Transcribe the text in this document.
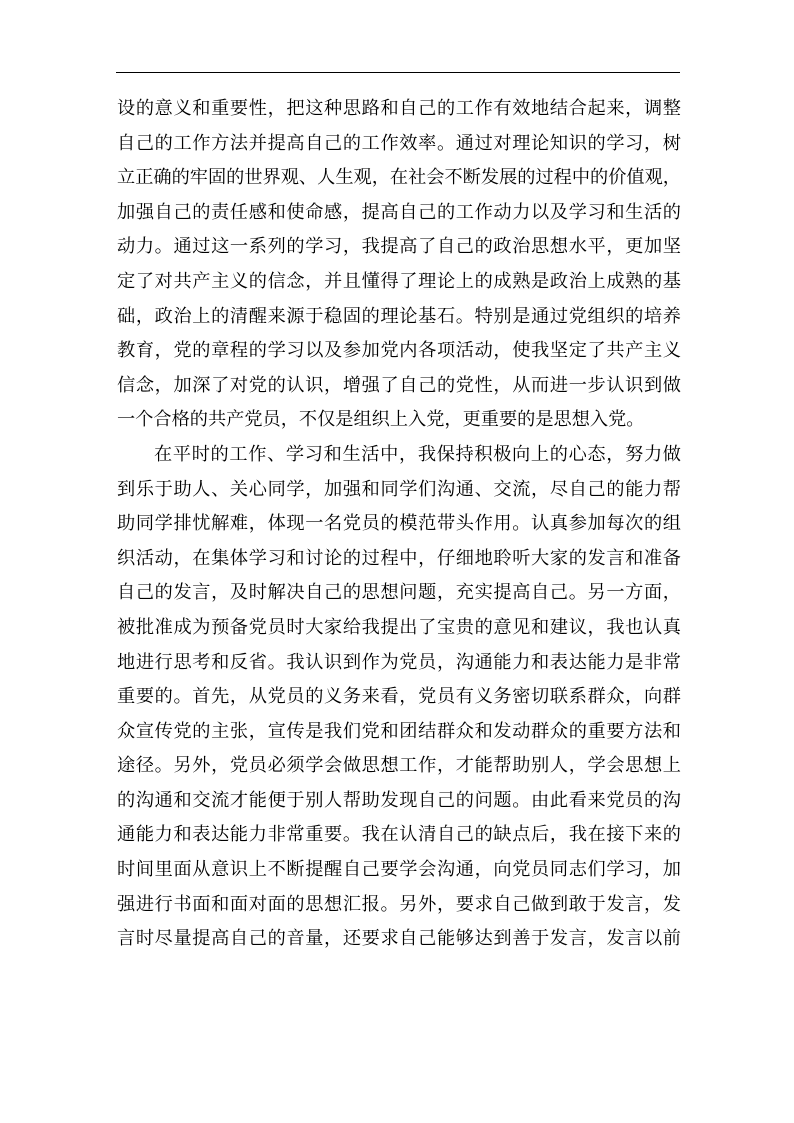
设的意义和重要性，把这种思路和自己的工作有效地结合起来，调整
自己的工作方法并提高自己的工作效率。通过对理论知识的学习，树
立正确的牢固的世界观、人生观，在社会不断发展的过程中的价值观，
加强自己的责任感和使命感，提高自己的工作动力以及学习和生活的
动力。通过这一系列的学习，我提高了自己的政治思想水平，更加坚
定了对共产主义的信念，并且懂得了理论上的成熟是政治上成熟的基
础，政治上的清醒来源于稳固的理论基石。特别是通过党组织的培养
教育，党的章程的学习以及参加党内各项活动，使我坚定了共产主义
信念，加深了对党的认识，增强了自己的党性，从而进一步认识到做
一个合格的共产党员，不仅是组织上入党，更重要的是思想入党。
在平时的工作、学习和生活中，我保持积极向上的心态，努力做
到乐于助人、关心同学，加强和同学们沟通、交流，尽自己的能力帮
助同学排忧解难，体现一名党员的模范带头作用。认真参加每次的组
织活动，在集体学习和讨论的过程中，仔细地聆听大家的发言和准备
自己的发言，及时解决自己的思想问题，充实提高自己。另一方面，
被批准成为预备党员时大家给我提出了宝贵的意见和建议，我也认真
地进行思考和反省。我认识到作为党员，沟通能力和表达能力是非常
重要的。首先，从党员的义务来看，党员有义务密切联系群众，向群
众宣传党的主张，宣传是我们党和团结群众和发动群众的重要方法和
途径。另外，党员必须学会做思想工作，才能帮助别人，学会思想上
的沟通和交流才能便于别人帮助发现自己的问题。由此看来党员的沟
通能力和表达能力非常重要。我在认清自己的缺点后，我在接下来的
时间里面从意识上不断提醒自己要学会沟通，向党员同志们学习，加
强进行书面和面对面的思想汇报。另外，要求自己做到敢于发言，发
言时尽量提高自己的音量，还要求自己能够达到善于发言，发言以前
